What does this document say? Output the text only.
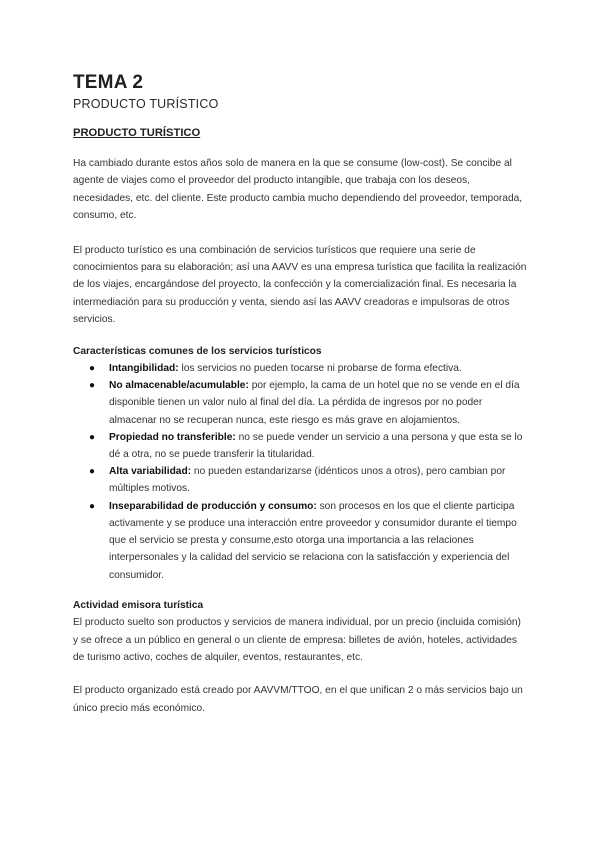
TEMA 2
PRODUCTO TURÍSTICO
PRODUCTO TURÍSTICO

Ha cambiado durante estos años solo de manera en la que se consume (low-cost). Se concibe al agente de viajes como el proveedor del producto intangible, que trabaja con los deseos, necesidades, etc. del cliente. Este producto cambia mucho dependiendo del proveedor, temporada, consumo, etc.

El producto turístico es una combinación de servicios turísticos que requiere una serie de conocimientos para su elaboración; así una AAVV es una empresa turística que facilita la realización de los viajes, encargándose del proyecto, la confección y la comercialización final. Es necesaria la intermediación para su producción y venta, siendo así las AAVV creadoras e impulsoras de otros servicios.

Características comunes de los servicios turísticos
● Intangibilidad: los servicios no pueden tocarse ni probarse de forma efectiva.
● No almacenable/acumulable: por ejemplo, la cama de un hotel que no se vende en el día disponible tienen un valor nulo al final del día. La pérdida de ingresos por no poder almacenar no se recuperan nunca, este riesgo es más grave en alojamientos.
● Propiedad no transferible: no se puede vender un servicio a una persona y que esta se lo dé a otra, no se puede transferir la titularidad.
● Alta variabilidad: no pueden estandarizarse (idénticos unos a otros), pero cambian por múltiples motivos.
● Inseparabilidad de producción y consumo: son procesos en los que el cliente participa activamente y se produce una interacción entre proveedor y consumidor durante el tiempo que el servicio se presta y consume,esto otorga una importancia a las relaciones interpersonales y la calidad del servicio se relaciona con la satisfacción y experiencia del consumidor.
Actividad emisora turística

El producto suelto son productos y servicios de manera individual, por un precio (incluida comisión) y se ofrece a un público en general o un cliente de empresa: billetes de avión, hoteles, actividades de turismo activo, coches de alquiler, eventos, restaurantes, etc.

El producto organizado está creado por AAVVM/TTOO, en el que unifican 2 o más servicios bajo un único precio más económico.
